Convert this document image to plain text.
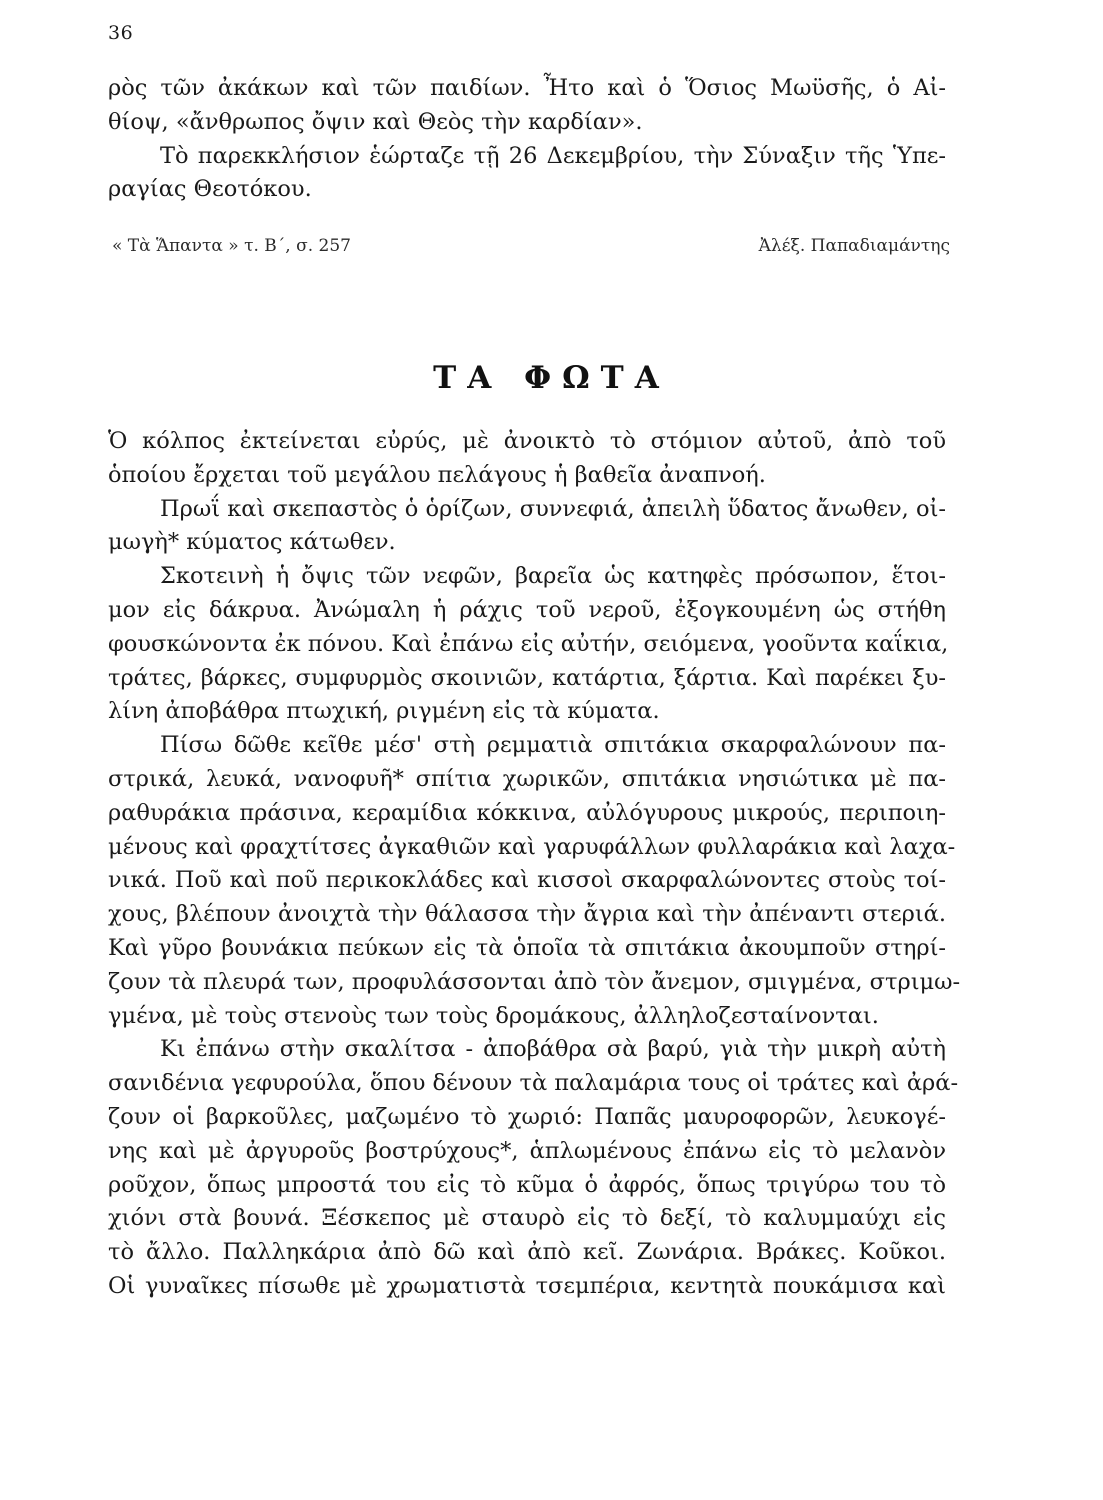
36
ρὸς τῶν ἀκάκων καὶ τῶν παιδίων. Ἦτο καὶ ὁ Ὅσιος Μωϋσῆς, ὁ Αἰ-
θίοψ, «ἄνθρωπος ὄψιν καὶ Θεὸς τὴν καρδίαν».
Τὸ παρεκκλήσιον ἑώρταζε τῇ 26 Δεκεμβρίου, τὴν Σύναξιν τῆς Ὑπε-
ραγίας Θεοτόκου.
« Τὰ Ἅπαντα » τ. Β΄, σ. 257	Ἀλέξ. Παπαδιαμάντης
ΤΑ ΦΩΤΑ
Ὁ κόλπος ἐκτείνεται εὐρύς, μὲ ἀνοικτὸ τὸ στόμιον αὐτοῦ, ἀπὸ τοῦ
ὁποίου ἔρχεται τοῦ μεγάλου πελάγους ἡ βαθεῖα ἀναπνοή.
Πρωΐ καὶ σκεπαστὸς ὁ ὁρίζων, συννεφιά, ἀπειλὴ ὕδατος ἄνωθεν, οἰ-
μωγὴ* κύματος κάτωθεν.
Σκοτεινὴ ἡ ὄψις τῶν νεφῶν, βαρεῖα ὡς κατηφὲς πρόσωπον, ἕτοι-
μον εἰς δάκρυα. Ἀνώμαλη ἡ ράχις τοῦ νεροῦ, ἐξογκουμένη ὡς στήθη
φουσκώνοντα ἐκ πόνου. Καὶ ἐπάνω εἰς αὐτήν, σειόμενα, γοοῦντα καΐκια,
τράτες, βάρκες, συμφυρμὸς σκοινιῶν, κατάρτια, ξάρτια. Καὶ παρέκει ξυ-
λίνη ἀποβάθρα πτωχική, ριγμένη εἰς τὰ κύματα.
Πίσω δῶθε κεῖθε μέσ' στὴ ρεμματιὰ σπιτάκια σκαρφαλώνουν πα-
στρικά, λευκά, νανοφυῆ* σπίτια χωρικῶν, σπιτάκια νησιώτικα μὲ πα-
ραθυράκια πράσινα, κεραμίδια κόκκινα, αὐλόγυρους μικρούς, περιποιη-
μένους καὶ φραχτίτσες ἀγκαθιῶν καὶ γαρυφάλλων φυλλαράκια καὶ λαχα-
νικά. Ποῦ καὶ ποῦ περικοκλάδες καὶ κισσοὶ σκαρφαλώνοντες στοὺς τοί-
χους, βλέπουν ἀνοιχτὰ τὴν θάλασσα τὴν ἄγρια καὶ τὴν ἀπέναντι στεριά.
Καὶ γῦρο βουνάκια πεύκων εἰς τὰ ὁποῖα τὰ σπιτάκια ἀκουμποῦν στηρί-
ζουν τὰ πλευρά των, προφυλάσσονται ἀπὸ τὸν ἄνεμον, σμιγμένα, στριμω-
γμένα, μὲ τοὺς στενοὺς των τοὺς δρομάκους, ἀλληλοζεσταίνονται.
Κι ἐπάνω στὴν σκαλίτσα - ἀποβάθρα σὰ βαρύ, γιὰ τὴν μικρὴ αὐτὴ
σανιδένια γεφυρούλα, ὅπου δένουν τὰ παλαμάρια τους οἱ τράτες καὶ ἀρά-
ζουν οἱ βαρκοῦλες, μαζωμένο τὸ χωριό: Παπᾶς μαυροφορῶν, λευκογέ-
νης καὶ μὲ ἀργυροῦς βοστρύχους*, ἁπλωμένους ἐπάνω εἰς τὸ μελανὸν
ροῦχον, ὅπως μπροστά του εἰς τὸ κῦμα ὁ ἀφρός, ὅπως τριγύρω του τὸ
χιόνι στὰ βουνά. Ξέσκεπος μὲ σταυρὸ εἰς τὸ δεξί, τὸ καλυμμαύχι εἰς
τὸ ἄλλο. Παλληκάρια ἀπὸ δῶ καὶ ἀπὸ κεῖ. Ζωνάρια. Βράκες. Κοῦκοι.
Οἱ γυναῖκες πίσωθε μὲ χρωματιστὰ τσεμπέρια, κεντητὰ πουκάμισα καὶ
